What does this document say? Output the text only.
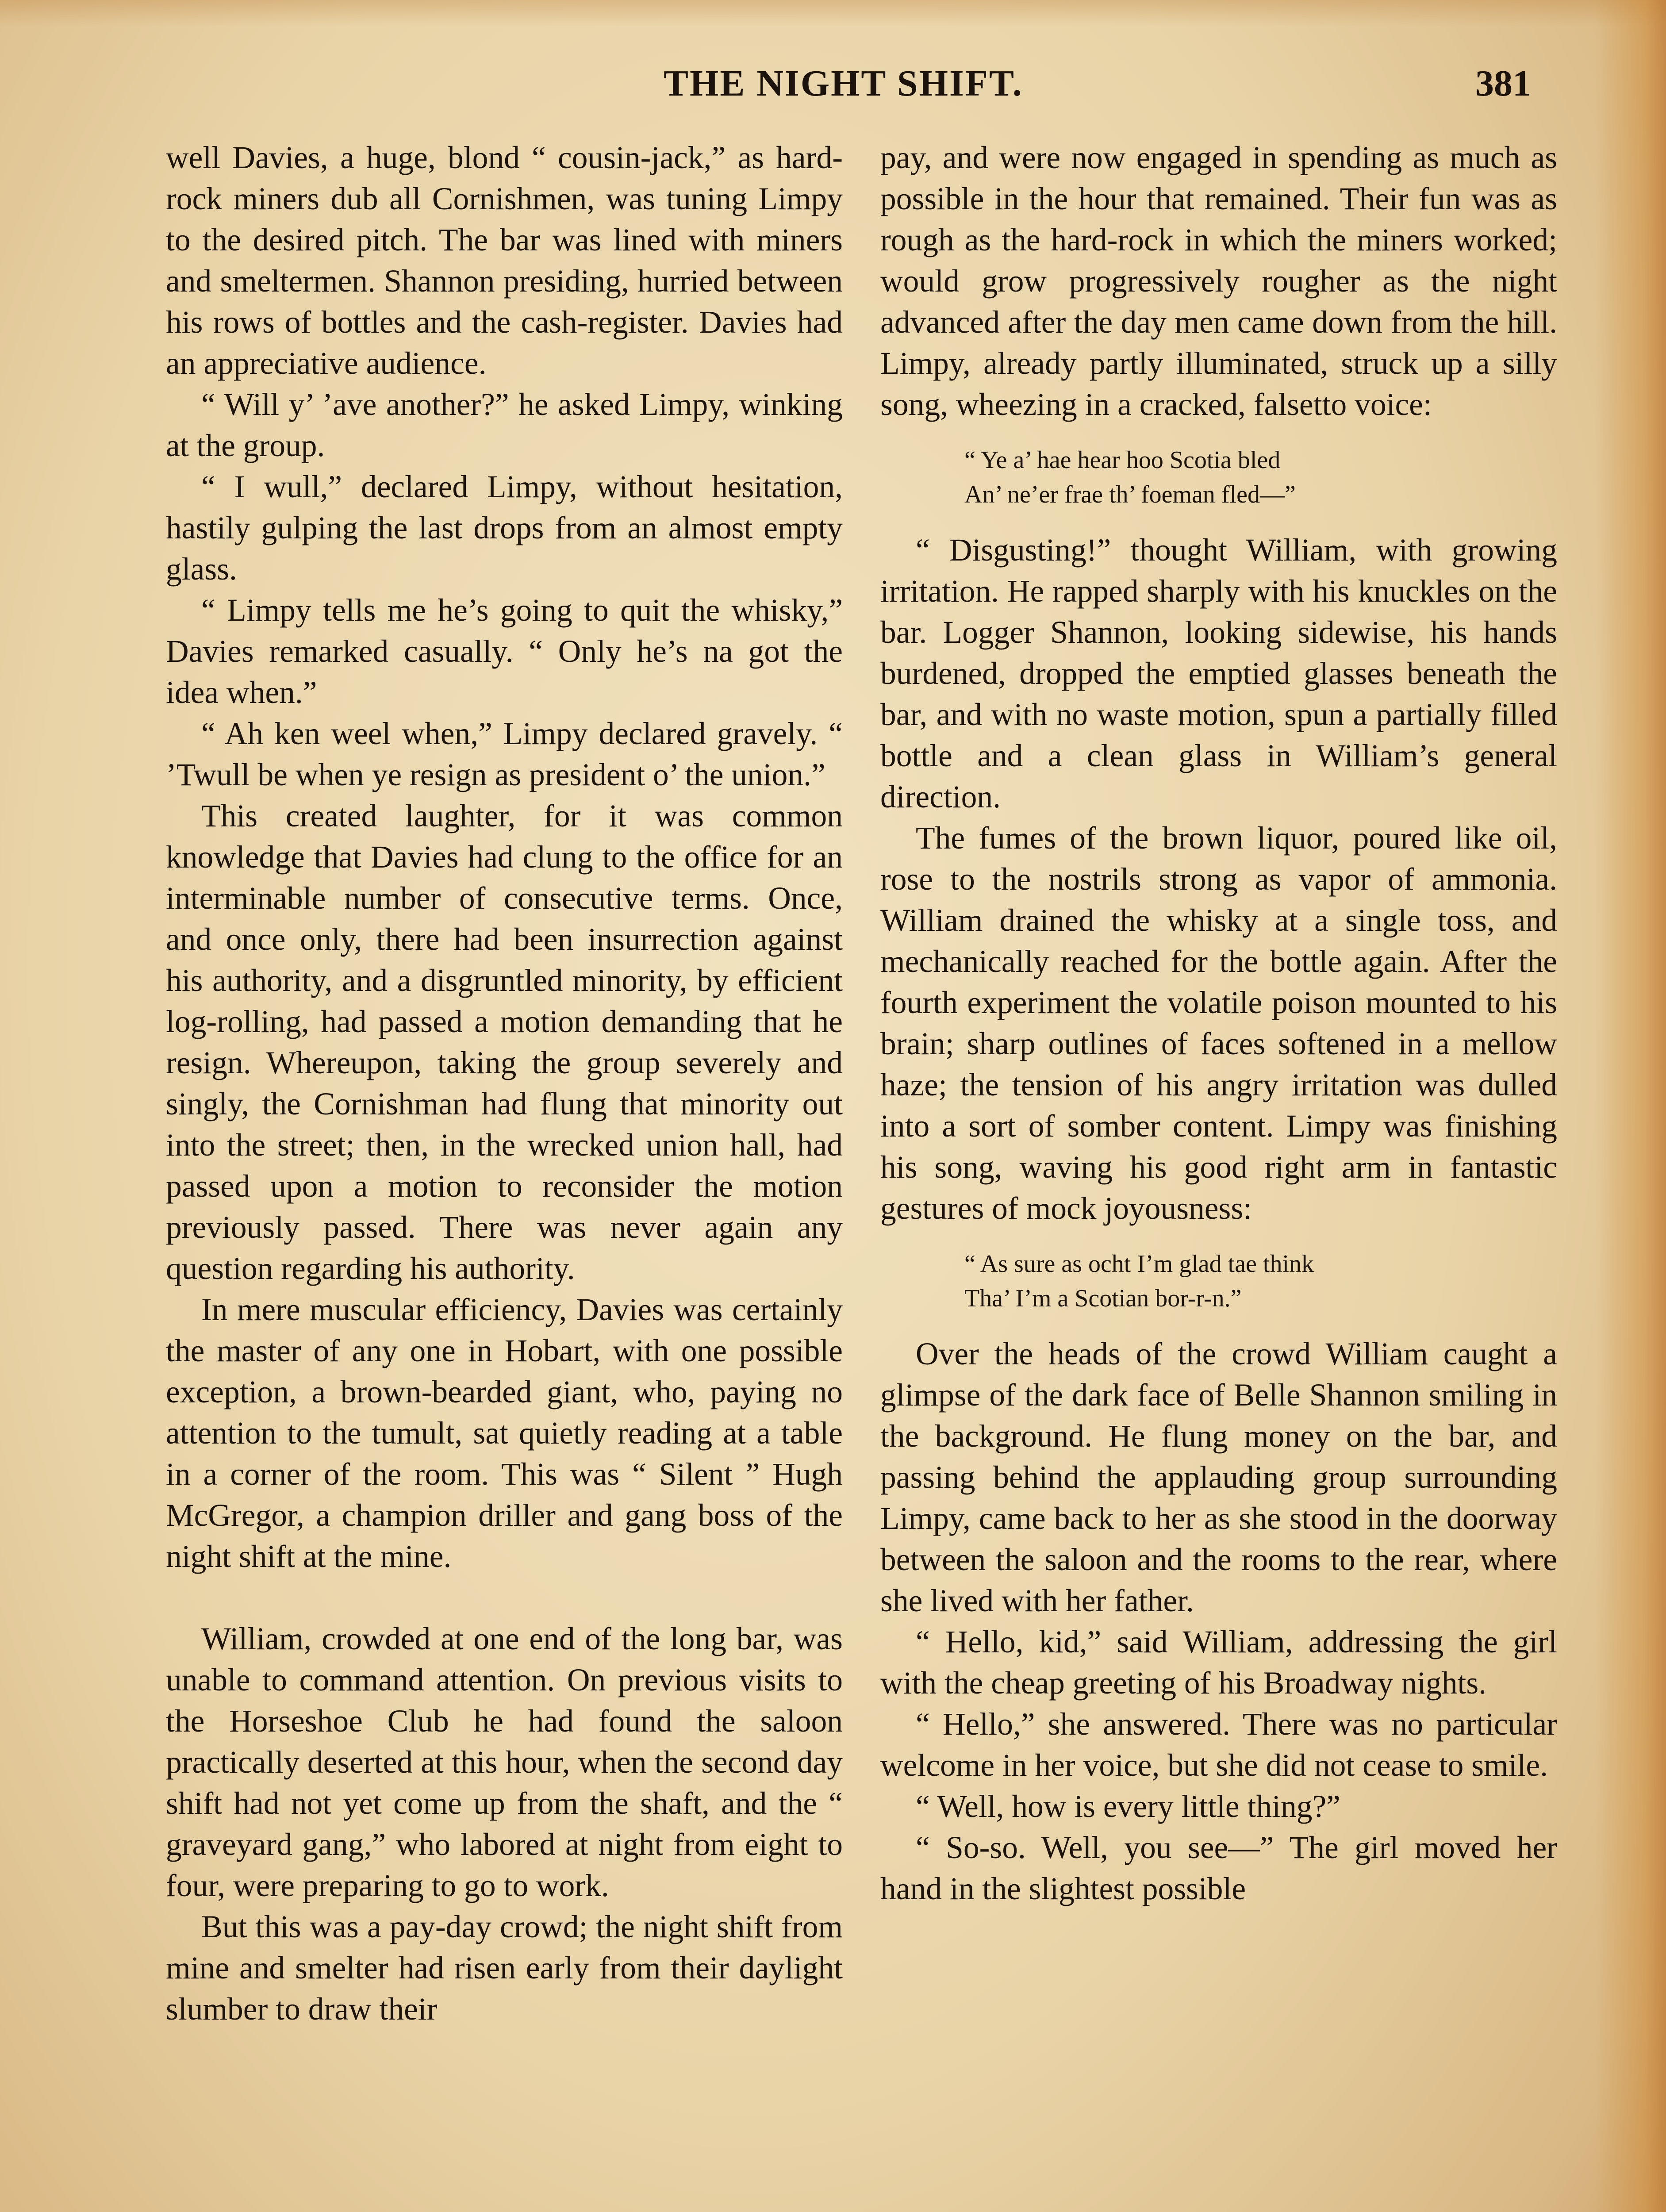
THE NIGHT SHIFT.	381

well Davies, a huge, blond “ cousin-jack,” as hard-rock miners dub all Cornishmen, was tuning Limpy to the desired pitch. The bar was lined with miners and smeltermen. Shannon presiding, hurried between his rows of bottles and the cash-register. Davies had an appreciative audience.

“ Will y’ ’ave another?” he asked Limpy, winking at the group.

“ I wull,” declared Limpy, without hesitation, hastily gulping the last drops from an almost empty glass.

“ Limpy tells me he’s going to quit the whisky,” Davies remarked casually. “ Only he’s na got the idea when.”

“ Ah ken weel when,” Limpy declared gravely. “ ’Twull be when ye resign as president o’ the union.”

This created laughter, for it was common knowledge that Davies had clung to the office for an interminable number of consecutive terms. Once, and once only, there had been insurrection against his authority, and a disgruntled minority, by efficient log-rolling, had passed a motion demanding that he resign. Whereupon, taking the group severely and singly, the Cornishman had flung that minority out into the street; then, in the wrecked union hall, had passed upon a motion to reconsider the motion previously passed. There was never again any question regarding his authority.

In mere muscular efficiency, Davies was certainly the master of any one in Hobart, with one possible exception, a brown-bearded giant, who, paying no attention to the tumult, sat quietly reading at a table in a corner of the room. This was “ Silent ” Hugh McGregor, a champion driller and gang boss of the night shift at the mine.

William, crowded at one end of the long bar, was unable to command attention. On previous visits to the Horseshoe Club he had found the saloon practically deserted at this hour, when the second day shift had not yet come up from the shaft, and the “ graveyard gang,” who labored at night from eight to four, were preparing to go to work.

But this was a pay-day crowd; the night shift from mine and smelter had risen early from their daylight slumber to draw their

pay, and were now engaged in spending as much as possible in the hour that remained. Their fun was as rough as the hard-rock in which the miners worked; would grow progressively rougher as the night advanced after the day men came down from the hill. Limpy, already partly illuminated, struck up a silly song, wheezing in a cracked, falsetto voice:

“ Ye a’ hae hear hoo Scotia bled
An’ ne’er frae th’ foeman fled—”

“ Disgusting!” thought William, with growing irritation. He rapped sharply with his knuckles on the bar. Logger Shannon, looking sidewise, his hands burdened, dropped the emptied glasses beneath the bar, and with no waste motion, spun a partially filled bottle and a clean glass in William’s general direction.

The fumes of the brown liquor, poured like oil, rose to the nostrils strong as vapor of ammonia. William drained the whisky at a single toss, and mechanically reached for the bottle again. After the fourth experiment the volatile poison mounted to his brain; sharp outlines of faces softened in a mellow haze; the tension of his angry irritation was dulled into a sort of somber content. Limpy was finishing his song, waving his good right arm in fantastic gestures of mock joyousness:

“ As sure as ocht I’m glad tae think
Tha’ I’m a Scotian bor-r-n.”

Over the heads of the crowd William caught a glimpse of the dark face of Belle Shannon smiling in the background. He flung money on the bar, and passing behind the applauding group surrounding Limpy, came back to her as she stood in the doorway between the saloon and the rooms to the rear, where she lived with her father.

“ Hello, kid,” said William, addressing the girl with the cheap greeting of his Broadway nights.

“ Hello,” she answered. There was no particular welcome in her voice, but she did not cease to smile.

“ Well, how is every little thing?”

“ So-so. Well, you see—” The girl moved her hand in the slightest possible
